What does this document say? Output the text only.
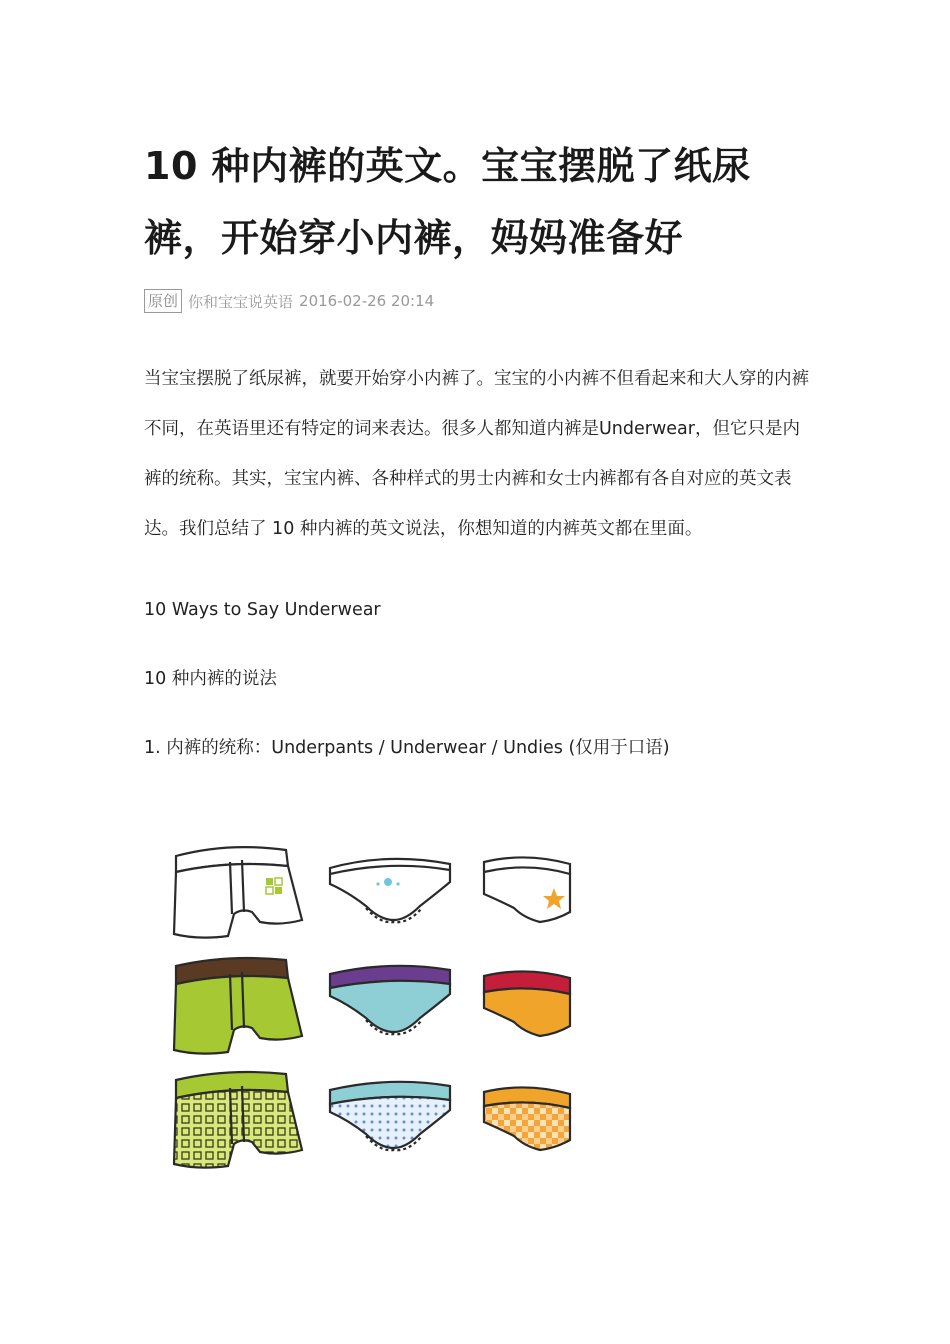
10 种内裤的英文。宝宝摆脱了纸尿裤，开始穿小内裤，妈妈准备好
原创 你和宝宝说英语 2016-02-26 20:14

当宝宝摆脱了纸尿裤，就要开始穿小内裤了。宝宝的小内裤不但看起来和大人穿的内裤不同，在英语里还有特定的词来表达。很多人都知道内裤是Underwear，但它只是内裤的统称。其实，宝宝内裤、各种样式的男士内裤和女士内裤都有各自对应的英文表达。我们总结了 10 种内裤的英文说法，你想知道的内裤英文都在里面。

10 Ways to Say Underwear

10 种内裤的说法

1. 内裤的统称：Underpants / Underwear / Undies (仅用于口语)
